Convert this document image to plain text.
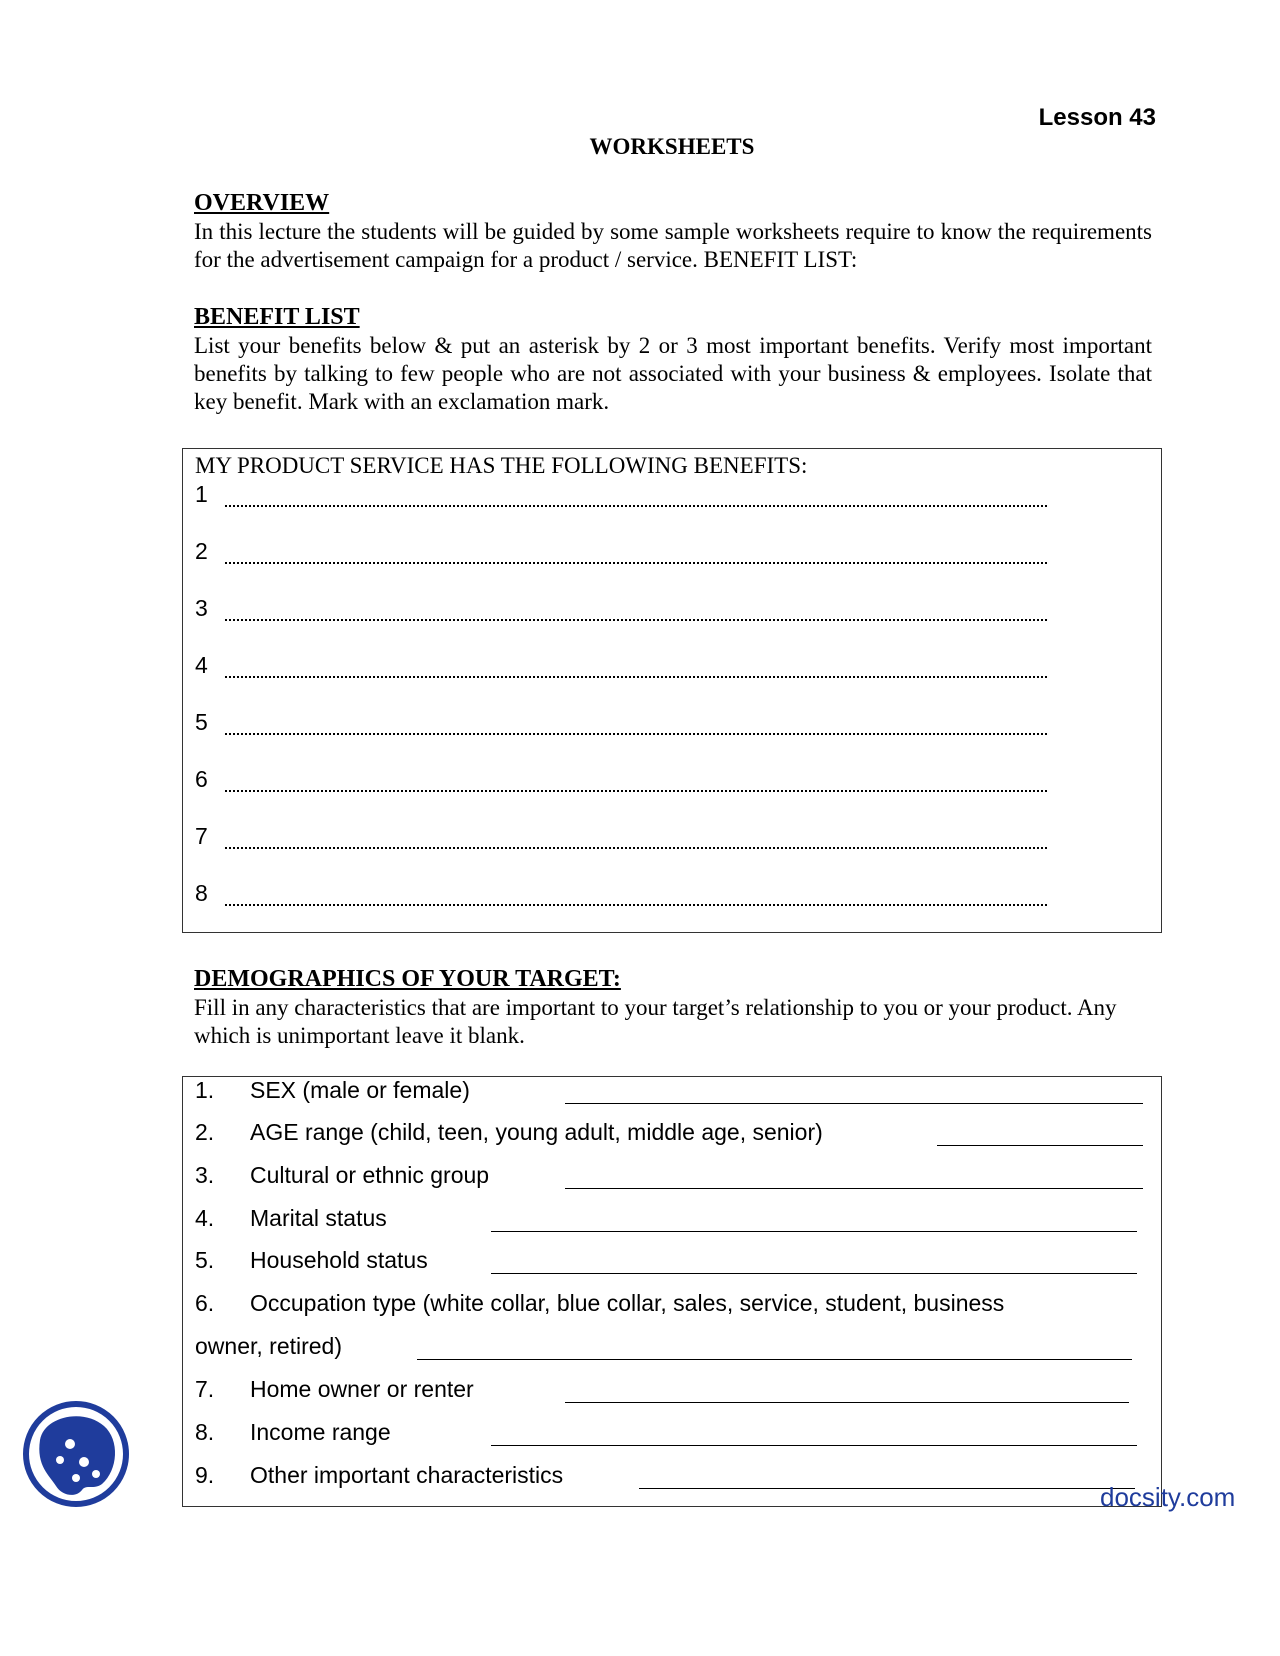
Lesson 43
WORKSHEETS
OVERVIEW
In this lecture the students will be guided by some sample worksheets require to know the requirements for the advertisement campaign for a product / service. BENEFIT LIST:
BENEFIT LIST
List your benefits below & put an asterisk by 2 or 3 most important benefits. Verify most important benefits by talking to few people who are not associated with your business & employees. Isolate that key benefit. Mark with an exclamation mark.
MY PRODUCT SERVICE HAS THE FOLLOWING BENEFITS:
1
2
3
4
5
6
7
8
DEMOGRAPHICS OF YOUR TARGET:
Fill in any characteristics that are important to your target’s relationship to you or your product. Any which is unimportant leave it blank.
1. SEX (male or female)
2. AGE range (child, teen, young adult, middle age, senior)
3. Cultural or ethnic group
4. Marital status
5. Household status
6. Occupation type (white collar, blue collar, sales, service, student, business
owner, retired)
7. Home owner or renter
8. Income range
9. Other important characteristics
docsity.com
